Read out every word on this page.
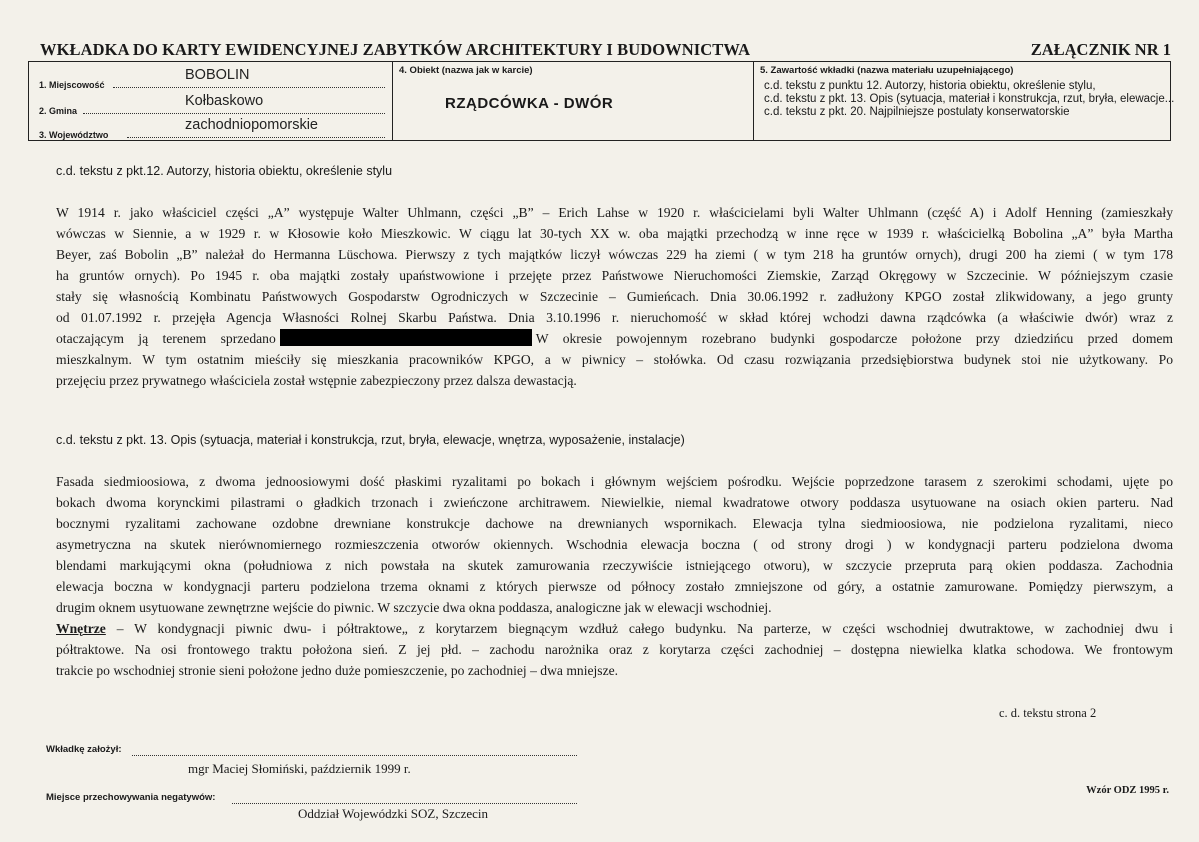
WKŁADKA DO KARTY EWIDENCYJNEJ ZABYTKÓW ARCHITEKTURY I BUDOWNICTWA	ZAŁĄCZNIK NR 1
1. Miejscowość
BOBOLIN
2. Gmina
Kołbaskowo
3. Województwo
zachodniopomorskie
4. Obiekt (nazwa jak w karcie)
RZĄDCÓWKA - DWÓR
5. Zawartość wkładki (nazwa materiału uzupełniającego)
c.d. tekstu z punktu 12. Autorzy, historia obiektu, określenie stylu,
c.d. tekstu z pkt. 13. Opis (sytuacja, materiał i konstrukcja, rzut, bryła, elewacje...
c.d. tekstu z pkt. 20. Najpilniejsze postulaty konserwatorskie
c.d. tekstu z pkt.12. Autorzy, historia obiektu, określenie stylu
W 1914 r. jako właściciel części „A” występuje Walter Uhlmann, części „B” – Erich Lahse w 1920 r. właścicielami byli Walter Uhlmann (część A) i Adolf Henning (zamieszkały
wówczas w Siennie, a w 1929 r. w Kłosowie koło Mieszkowic. W ciągu lat 30-tych XX w. oba majątki przechodzą w inne ręce w 1939 r. właścicielką Bobolina „A” była Martha
Beyer, zaś Bobolin „B” należał do Hermanna Lüschowa. Pierwszy z tych majątków liczył wówczas 229 ha ziemi ( w tym 218 ha gruntów ornych), drugi 200 ha ziemi ( w tym 178
ha gruntów ornych). Po 1945 r. oba majątki zostały upaństwowione i przejęte przez Państwowe Nieruchomości Ziemskie, Zarząd Okręgowy w Szczecinie. W późniejszym czasie
stały się własnością Kombinatu Państwowych Gospodarstw Ogrodniczych w Szczecinie – Gumieńcach. Dnia 30.06.1992 r. zadłużony KPGO został zlikwidowany, a jego grunty
od 01.07.1992 r. przejęła Agencja Własności Rolnej Skarbu Państwa. Dnia 3.10.1996 r. nieruchomość w skład której wchodzi dawna rządcówka (a właściwie dwór) wraz z
otaczającym ją terenem sprzedano	W okresie powojennym rozebrano budynki gospodarcze położone przy dziedzińcu przed domem
mieszkalnym. W tym ostatnim mieściły się mieszkania pracowników KPGO, a w piwnicy – stołówka. Od czasu rozwiązania przedsiębiorstwa budynek stoi nie użytkowany. Po
przejęciu przez prywatnego właściciela został wstępnie zabezpieczony przez dalsza dewastacją.
c.d. tekstu z pkt. 13. Opis (sytuacja, materiał i konstrukcja, rzut, bryła, elewacje, wnętrza, wyposażenie, instalacje)
Fasada siedmioosiowa, z dwoma jednoosiowymi dość płaskimi ryzalitami po bokach i głównym wejściem pośrodku. Wejście poprzedzone tarasem z szerokimi schodami, ujęte po
bokach dwoma korynckimi pilastrami o gładkich trzonach i zwieńczone architrawem. Niewielkie, niemal kwadratowe otwory poddasza usytuowane na osiach okien parteru. Nad
bocznymi ryzalitami zachowane ozdobne drewniane konstrukcje dachowe na drewnianych wspornikach. Elewacja tylna siedmioosiowa, nie podzielona ryzalitami, nieco
asymetryczna na skutek nierównomiernego rozmieszczenia otworów okiennych. Wschodnia elewacja boczna ( od strony drogi ) w kondygnacji parteru podzielona dwoma
blendami markującymi okna (południowa z nich powstała na skutek zamurowania rzeczywiście istniejącego otworu), w szczycie przepruta parą okien poddasza. Zachodnia
elewacja boczna w kondygnacji parteru podzielona trzema oknami z których pierwsze od północy zostało zmniejszone od góry, a ostatnie zamurowane. Pomiędzy pierwszym, a
drugim oknem usytuowane zewnętrzne wejście do piwnic. W szczycie dwa okna poddasza, analogiczne jak w elewacji wschodniej.
Wnętrze – W kondygnacji piwnic dwu- i półtraktowe„ z korytarzem biegnącym wzdłuż całego budynku. Na parterze, w części wschodniej dwutraktowe, w zachodniej dwu i
półtraktowe. Na osi frontowego traktu położona sień. Z jej płd. – zachodu narożnika oraz z korytarza części zachodniej – dostępna niewielka klatka schodowa. We frontowym
trakcie po wschodniej stronie sieni położone jedno duże pomieszczenie, po zachodniej – dwa mniejsze.
c. d. tekstu strona 2
Wkładkę założył:
mgr Maciej Słomiński, październik 1999 r.
Miejsce przechowywania negatywów:
Oddział Wojewódzki SOZ, Szczecin
Wzór ODZ 1995 r.
